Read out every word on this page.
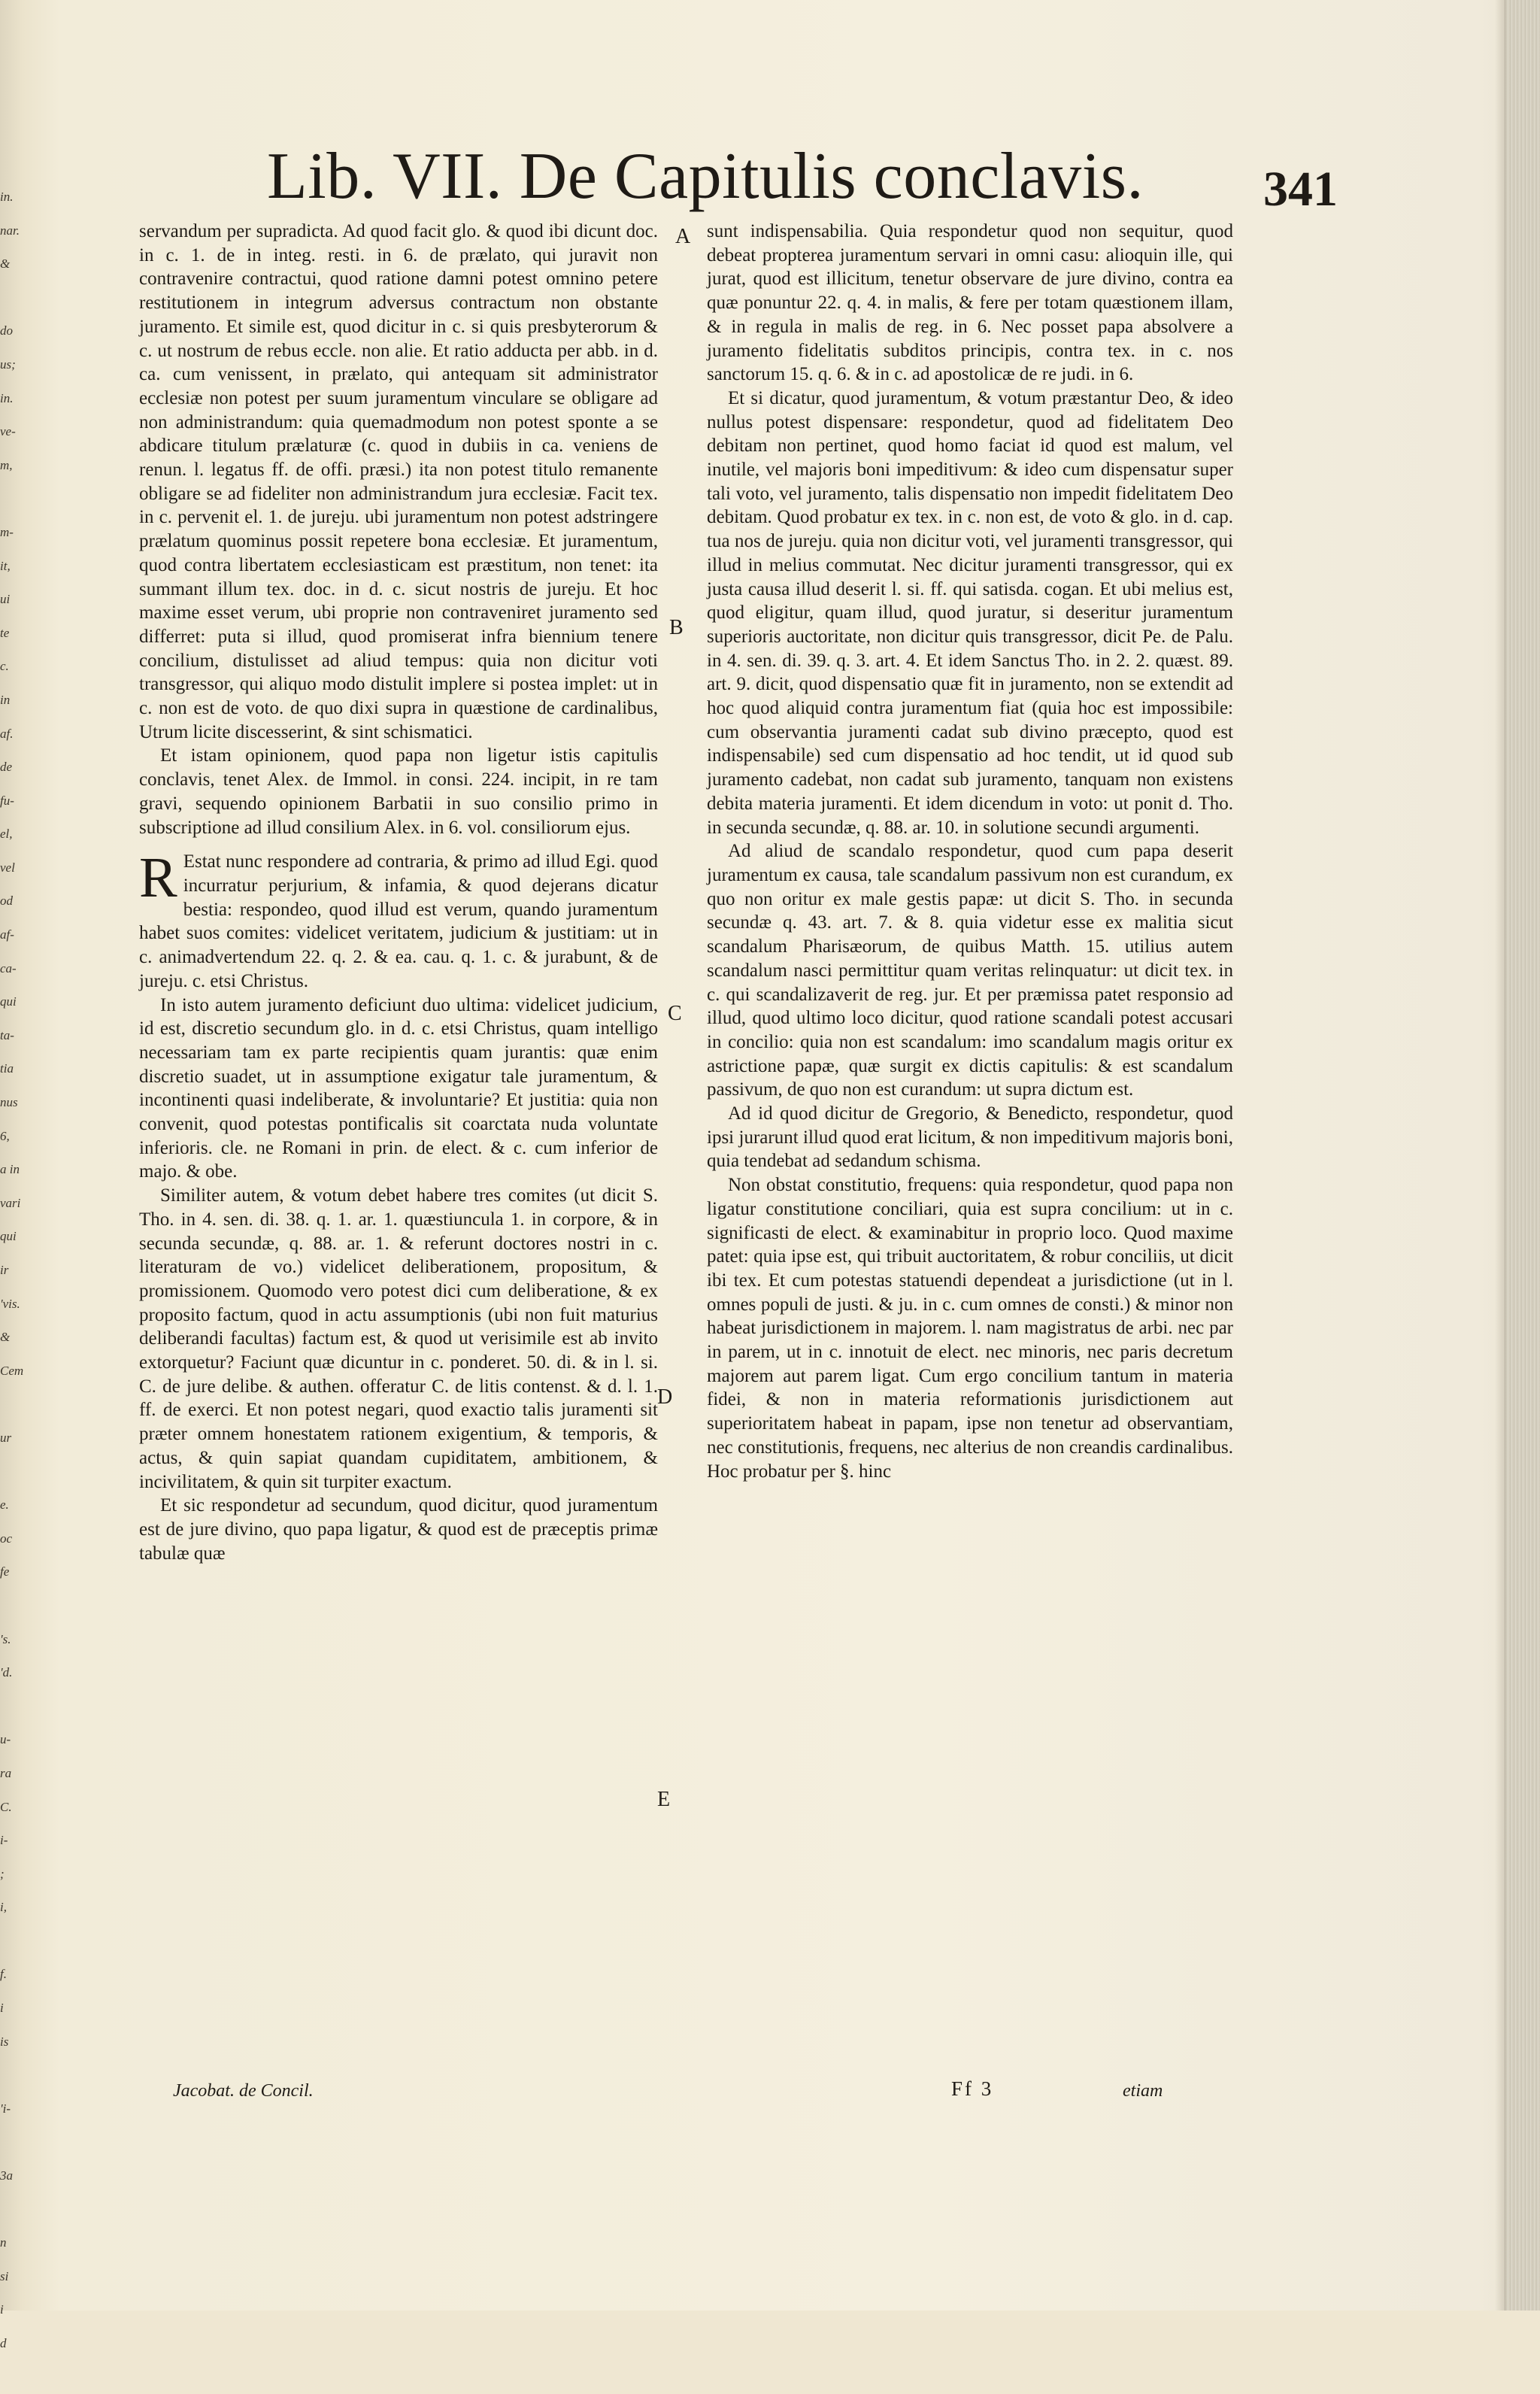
in.
nar.
&
do
us;
in.
ve-
m,
m-
it,
ui
te
c.
in
af.
de
fu-
el,
vel
od
af-
ca-
qui
ta-
tia
nus
6,
a in
vari
qui
ir
'vis.
&
Cem
ur
e.
oc
fe
's.
'd.
u-
ra
C.
i-
;
i,
f.
i
is
'i-
3a
n
si
i
d
Lib. VII. De Capitulis conclavis.	341

servandum per supradicta. Ad quod facit glo. & quod ibi dicunt doc. in c. 1. de in integ. resti. in 6. de prælato, qui juravit non contravenire contractui, quod ratione damni potest omnino petere restitutionem in integrum adversus contractum non obstante juramento. Et simile est, quod dicitur in c. si quis presbyterorum & c. ut nostrum de rebus eccle. non alie. Et ratio adducta per abb. in d. ca. cum venissent, in prælato, qui antequam sit administrator ecclesiæ non potest per suum juramentum vinculare se obligare ad non administrandum: quia quemadmodum non potest sponte a se abdicare titulum prælaturæ (c. quod in dubiis in ca. veniens de renun. l. legatus ff. de offi. præsi.) ita non potest titulo remanente obligare se ad fideliter non administrandum jura ecclesiæ. Facit tex. in c. pervenit el. 1. de jureju. ubi juramentum non potest adstringere prælatum quominus possit repetere bona ecclesiæ. Et juramentum, quod contra libertatem ecclesiasticam est præstitum, non tenet: ita summant illum tex. doc. in d. c. sicut nostris de jureju. Et hoc maxime esset verum, ubi proprie non contraveniret juramento sed differret: puta si illud, quod promiserat infra biennium tenere concilium, distulisset ad aliud tempus: quia non dicitur voti transgressor, qui aliquo modo distulit implere si postea implet: ut in c. non est de voto. de quo dixi supra in quæstione de cardinalibus, Utrum licite discesserint, & sint schismatici.

Et istam opinionem, quod papa non ligetur istis capitulis conclavis, tenet Alex. de Immol. in consi. 224. incipit, in re tam gravi, sequendo opinionem Barbatii in suo consilio primo in subscriptione ad illud consilium Alex. in 6. vol. consiliorum ejus.

REstat nunc respondere ad contraria, & primo ad illud Egi. quod incurratur perjurium, & infamia, & quod dejerans dicatur bestia: respondeo, quod illud est verum, quando juramentum habet suos comites: videlicet veritatem, judicium & justitiam: ut in c. animadvertendum 22. q. 2. & ea. cau. q. 1. c. & jurabunt, & de jureju. c. etsi Christus.

In isto autem juramento deficiunt duo ultima: videlicet judicium, id est, discretio secundum glo. in d. c. etsi Christus, quam intelligo necessariam tam ex parte recipientis quam jurantis: quæ enim discretio suadet, ut in assumptione exigatur tale juramentum, & incontinenti quasi indeliberate, & involuntarie? Et justitia: quia non convenit, quod potestas pontificalis sit coarctata nuda voluntate inferioris. cle. ne Romani in prin. de elect. & c. cum inferior de majo. & obe.

Similiter autem, & votum debet habere tres comites (ut dicit S. Tho. in 4. sen. di. 38. q. 1. ar. 1. quæstiuncula 1. in corpore, & in secunda secundæ, q. 88. ar. 1. & referunt doctores nostri in c. literaturam de vo.) videlicet deliberationem, propositum, & promissionem. Quomodo vero potest dici cum deliberatione, & ex proposito factum, quod in actu assumptionis (ubi non fuit maturius deliberandi facultas) factum est, & quod ut verisimile est ab invito extorquetur? Faciunt quæ dicuntur in c. ponderet. 50. di. & in l. si. C. de jure delibe. & authen. offeratur C. de litis contenst. & d. l. 1. ff. de exerci. Et non potest negari, quod exactio talis juramenti sit præter omnem honestatem rationem exigentium, & temporis, & actus, & quin sapiat quandam cupiditatem, ambitionem, & incivilitatem, & quin sit turpiter exactum.

Et sic respondetur ad secundum, quod dicitur, quod juramentum est de jure divino, quo papa ligatur, & quod est de præceptis primæ tabulæ quæ

sunt indispensabilia. Quia respondetur quod non sequitur, quod debeat propterea juramentum servari in omni casu: alioquin ille, qui jurat, quod est illicitum, tenetur observare de jure divino, contra ea quæ ponuntur 22. q. 4. in malis, & fere per totam quæstionem illam, & in regula in malis de reg. in 6. Nec posset papa absolvere a juramento fidelitatis subditos principis, contra tex. in c. nos sanctorum 15. q. 6. & in c. ad apostolicæ de re judi. in 6.

Et si dicatur, quod juramentum, & votum præstantur Deo, & ideo nullus potest dispensare: respondetur, quod ad fidelitatem Deo debitam non pertinet, quod homo faciat id quod est malum, vel inutile, vel majoris boni impeditivum: & ideo cum dispensatur super tali voto, vel juramento, talis dispensatio non impedit fidelitatem Deo debitam. Quod probatur ex tex. in c. non est, de voto & glo. in d. cap. tua nos de jureju. quia non dicitur voti, vel juramenti transgressor, qui illud in melius commutat. Nec dicitur juramenti transgressor, qui ex justa causa illud deserit l. si. ff. qui satisda. cogan. Et ubi melius est, quod eligitur, quam illud, quod juratur, si deseritur juramentum superioris auctoritate, non dicitur quis transgressor, dicit Pe. de Palu. in 4. sen. di. 39. q. 3. art. 4. Et idem Sanctus Tho. in 2. 2. quæst. 89. art. 9. dicit, quod dispensatio quæ fit in juramento, non se extendit ad hoc quod aliquid contra juramentum fiat (quia hoc est impossibile: cum observantia juramenti cadat sub divino præcepto, quod est indispensabile) sed cum dispensatio ad hoc tendit, ut id quod sub juramento cadebat, non cadat sub juramento, tanquam non existens debita materia juramenti. Et idem dicendum in voto: ut ponit d. Tho. in secunda secundæ, q. 88. ar. 10. in solutione secundi argumenti.

Ad aliud de scandalo respondetur, quod cum papa deserit juramentum ex causa, tale scandalum passivum non est curandum, ex quo non oritur ex male gestis papæ: ut dicit S. Tho. in secunda secundæ q. 43. art. 7. & 8. quia videtur esse ex malitia sicut scandalum Pharisæorum, de quibus Matth. 15. utilius autem scandalum nasci permittitur quam veritas relinquatur: ut dicit tex. in c. qui scandalizaverit de reg. jur. Et per præmissa patet responsio ad illud, quod ultimo loco dicitur, quod ratione scandali potest accusari in concilio: quia non est scandalum: imo scandalum magis oritur ex astrictione papæ, quæ surgit ex dictis capitulis: & est scandalum passivum, de quo non est curandum: ut supra dictum est.

Ad id quod dicitur de Gregorio, & Benedicto, respondetur, quod ipsi jurarunt illud quod erat licitum, & non impeditivum majoris boni, quia tendebat ad sedandum schisma.

Non obstat constitutio, frequens: quia respondetur, quod papa non ligatur constitutione conciliari, quia est supra concilium: ut in c. significasti de elect. & examinabitur in proprio loco. Quod maxime patet: quia ipse est, qui tribuit auctoritatem, & robur conciliis, ut dicit ibi tex. Et cum potestas statuendi dependeat a jurisdictione (ut in l. omnes populi de justi. & ju. in c. cum omnes de consti.) & minor non habeat jurisdictionem in majorem. l. nam magistratus de arbi. nec par in parem, ut in c. innotuit de elect. nec minoris, nec paris decretum majorem aut parem ligat. Cum ergo concilium tantum in materia fidei, & non in materia reformationis jurisdictionem aut superioritatem habeat in papam, ipse non tenetur ad observantiam, nec constitutionis, frequens, nec alterius de non creandis cardinalibus. Hoc probatur per §. hinc

A
B
C
D
E
Jacobat. de Concil.	Ff 3	etiam
